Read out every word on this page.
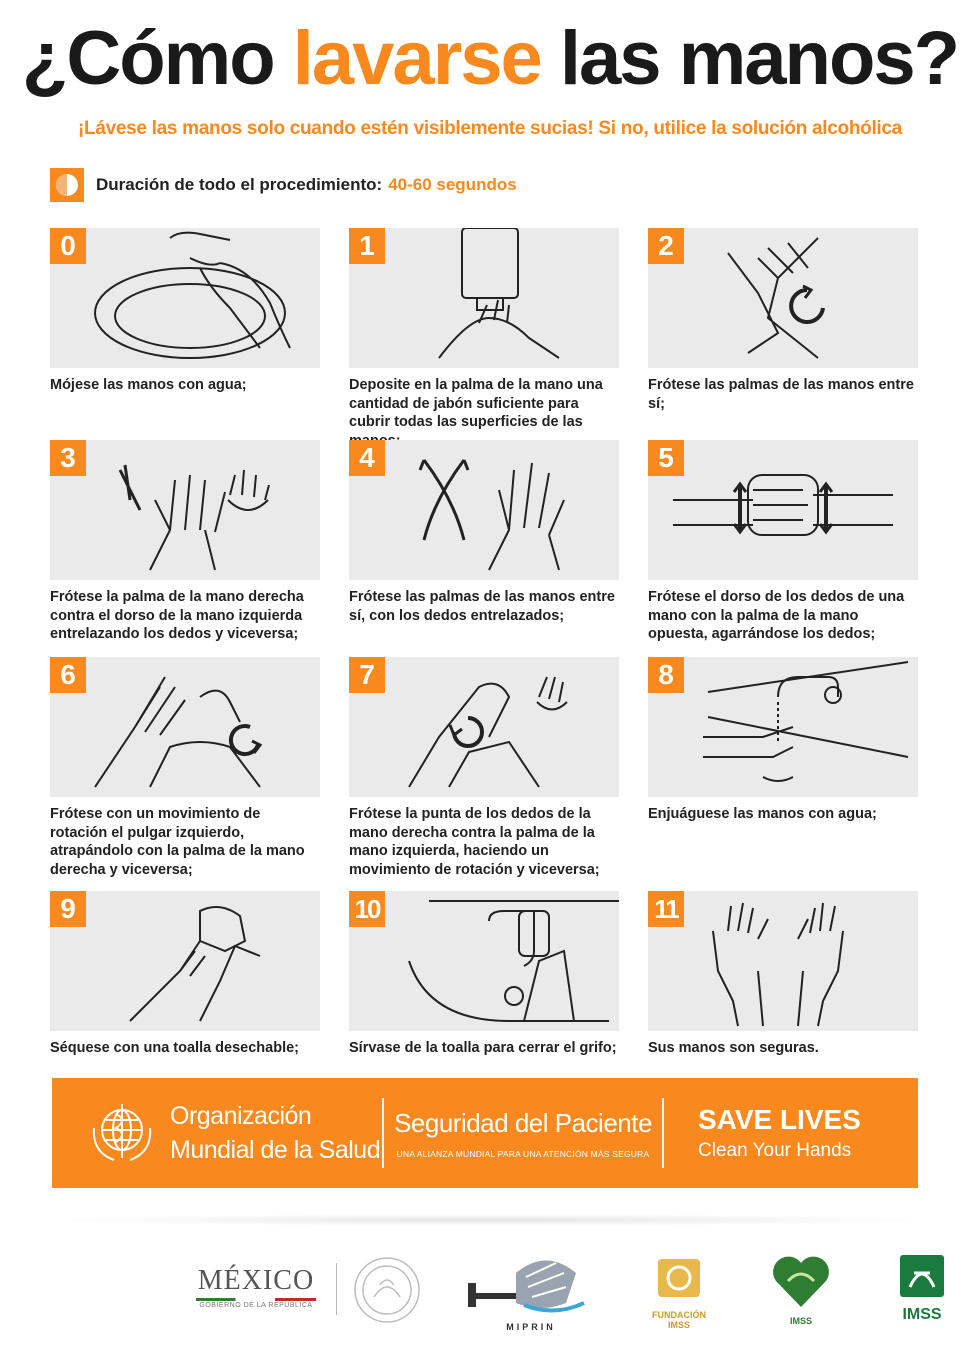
¿Cómo lavarse las manos?
¡Lávese las manos solo cuando estén visiblemente sucias! Si no, utilice la solución alcohólica
Duración de todo el procedimiento: 40-60 segundos
0
Mójese las manos con agua;
1
Deposite en la palma de la mano una cantidad de jabón suficiente para cubrir todas las superficies de las
2
Frótese las palmas de las manos entre sí;
3
Frótese la palma de la mano derecha contra el dorso de la mano izquierda entrelazando los dedos y viceversa;
4
Frótese las palmas de las manos entre sí, con los dedos entrelazados;
5
Frótese el dorso de los dedos de una mano con la palma de la mano opuesta, agarrándose los dedos;
6
Frótese con un movimiento de rotación el pulgar izquierdo, atrapándolo con la palma de la mano derecha y viceversa;
7
Frótese la punta de los dedos de la mano derecha contra la palma de la mano izquierda, haciendo un movimiento de rotación y viceversa;
8
Enjuáguese las manos con agua;
9
Séquese con una toalla desechable;
10
Sírvase de la toalla para cerrar el grifo;
11
Sus manos son seguras.
Organización
Mundial de la Salud
Seguridad del Paciente
UNA ALIANZA MUNDIAL PARA UNA ATENCIÓN MÁS SEGURA
SAVE LIVES
Clean Your Hands
MÉXICO
GOBIERNO DE LA REPÚBLICA
MIPRIN
FUNDACIÓN IMSS	IMSS	IMSS
